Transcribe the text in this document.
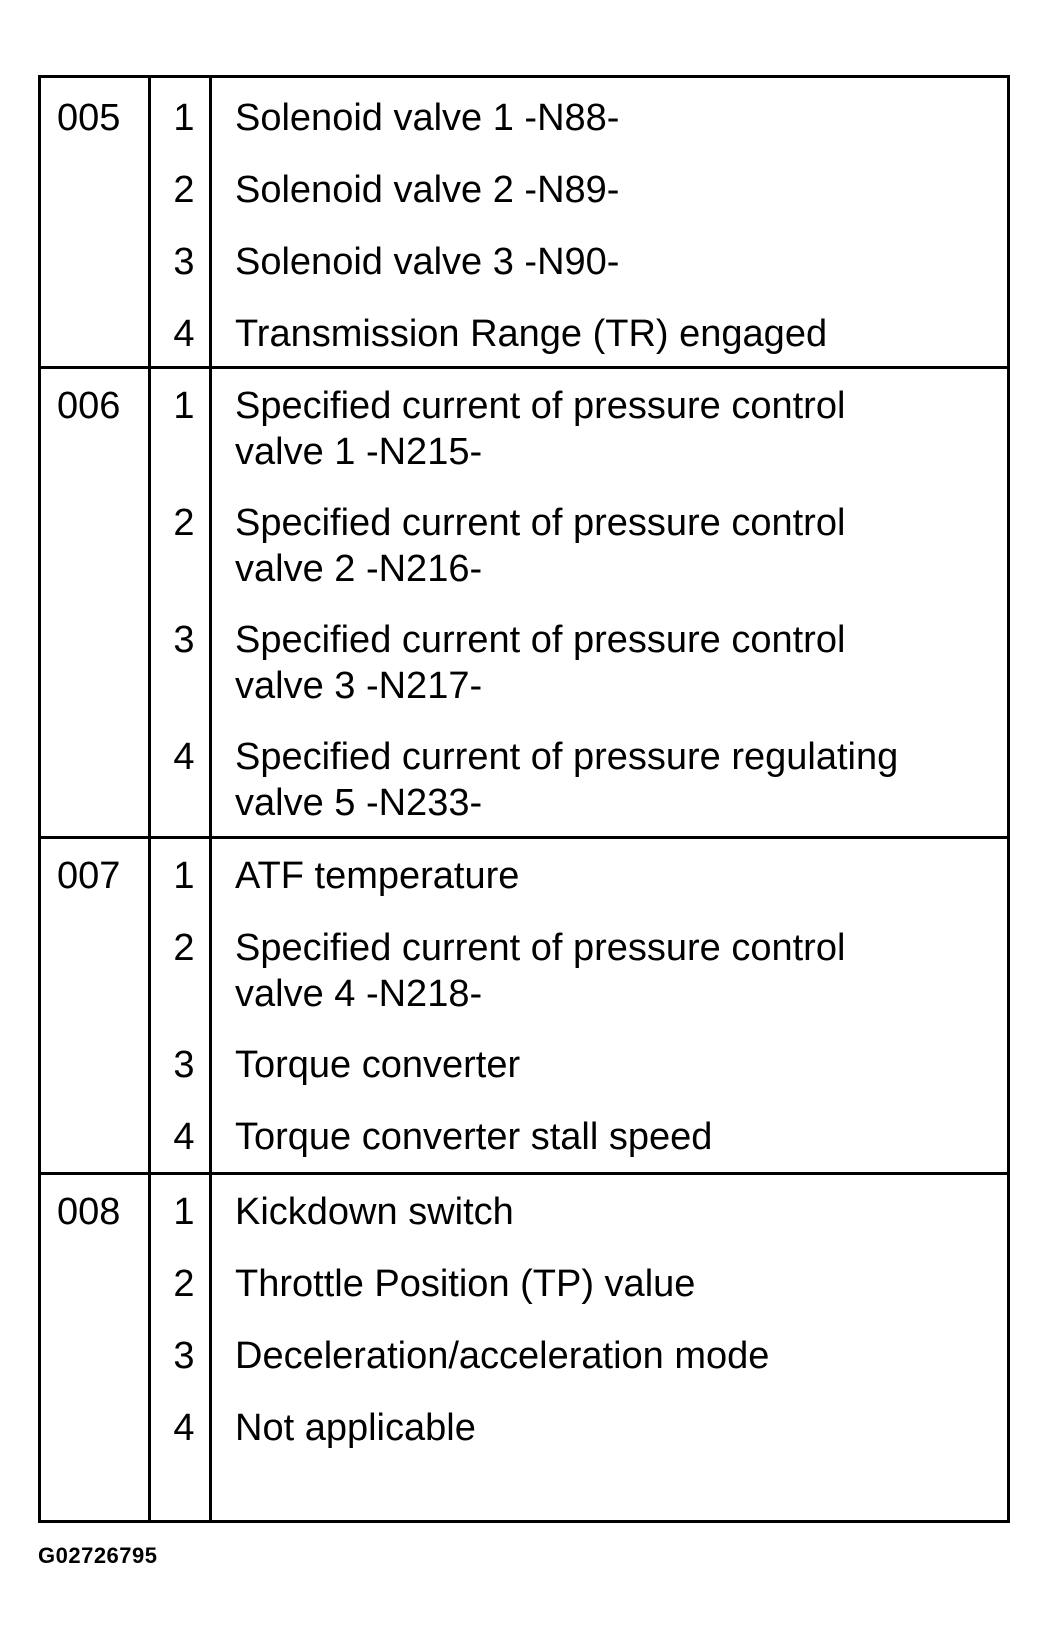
005	1	Solenoid valve 1 -N88-
2	Solenoid valve 2 -N89-
3	Solenoid valve 3 -N90-
4	Transmission Range (TR) engaged
006	1	Specified current of pressure control
valve 1 -N215-
2	Specified current of pressure control
valve 2 -N216-
3	Specified current of pressure control
valve 3 -N217-
4	Specified current of pressure regulating
valve 5 -N233-
007	1	ATF temperature
2	Specified current of pressure control
valve 4 -N218-
3	Torque converter
4	Torque converter stall speed
008	1	Kickdown switch
2	Throttle Position (TP) value
3	Deceleration/acceleration mode
4	Not applicable
G02726795
